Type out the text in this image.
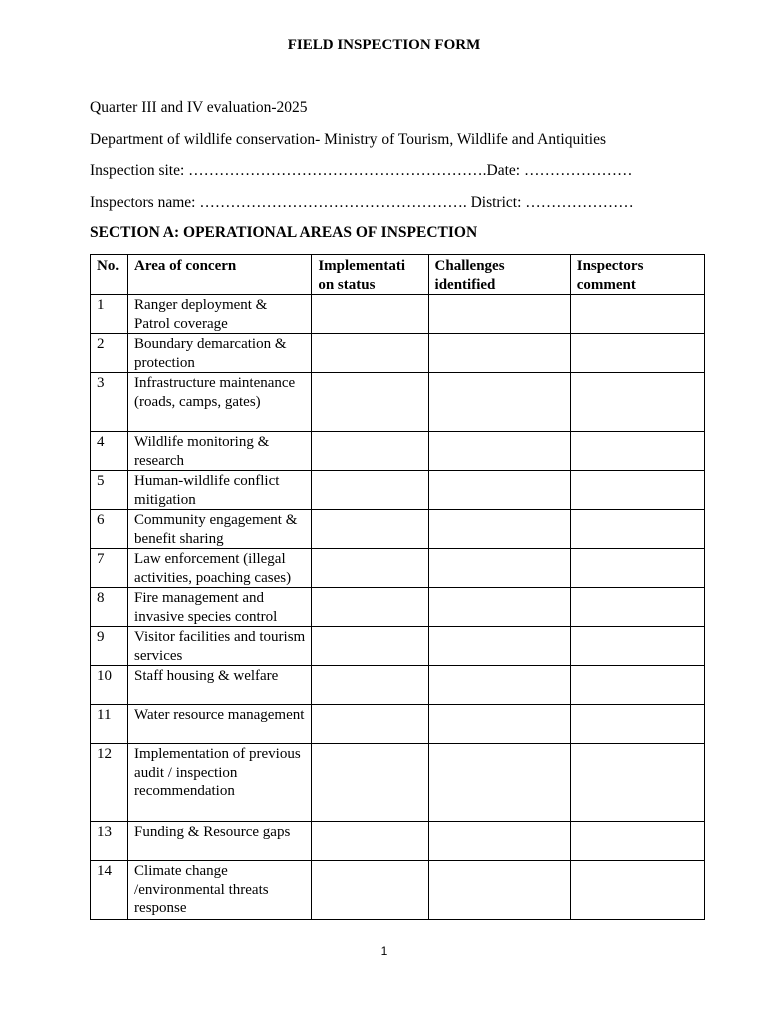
FIELD INSPECTION FORM
Quarter III and IV evaluation-2025
Department of wildlife conservation- Ministry of Tourism, Wildlife and Antiquities
Inspection site: ………………………………………………….Date: …………………
Inspectors name: ……………………………………………. District: …………………
SECTION A: OPERATIONAL AREAS OF INSPECTION
No.	Area of concern	Implementati on status	Challenges identified	Inspectors comment
1	Ranger deployment & Patrol coverage			
2	Boundary demarcation & protection			
3	Infrastructure maintenance (roads, camps, gates)			
4	Wildlife monitoring & research			
5	Human-wildlife conflict mitigation			
6	Community engagement & benefit sharing			
7	Law enforcement (illegal activities, poaching cases)			
8	Fire management and invasive species control			
9	Visitor facilities and tourism services			
10	Staff housing & welfare			
11	Water resource management			
12	Implementation of previous audit / inspection recommendation			
13	Funding & Resource gaps			
14	Climate change /environmental threats response			
1
